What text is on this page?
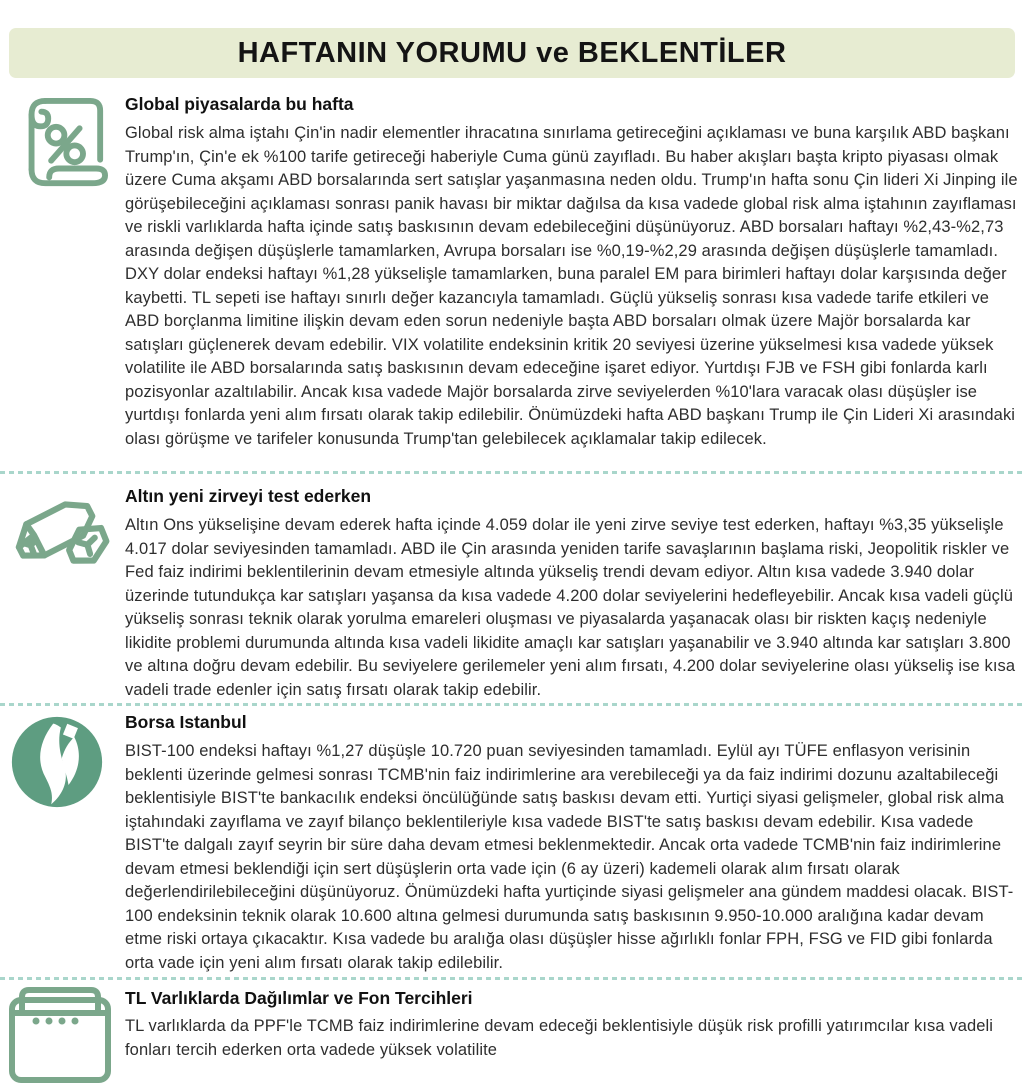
HAFTANIN YORUMU ve BEKLENTİLER
Global piyasalarda bu hafta
Global risk alma iştahı Çin'in nadir elementler ihracatına sınırlama getireceğini açıklaması ve buna karşılık ABD başkanı Trump'ın, Çin'e ek %100 tarife getireceği haberiyle Cuma günü zayıfladı. Bu haber akışları başta kripto piyasası olmak üzere Cuma akşamı ABD borsalarında sert satışlar yaşanmasına neden oldu. Trump'ın hafta sonu Çin lideri Xi Jinping ile görüşebileceğini açıklaması sonrası panik havası bir miktar dağılsa da kısa vadede global risk alma iştahının zayıflaması ve riskli varlıklarda hafta içinde satış baskısının devam edebileceğini düşünüyoruz. ABD borsaları haftayı %2,43-%2,73 arasında değişen düşüşlerle tamamlarken, Avrupa borsaları ise %0,19-%2,29 arasında değişen düşüşlerle tamamladı. DXY dolar endeksi haftayı %1,28 yükselişle tamamlarken, buna paralel EM para birimleri haftayı dolar karşısında değer kaybetti. TL sepeti ise haftayı sınırlı değer kazancıyla tamamladı. Güçlü yükseliş sonrası kısa vadede tarife etkileri ve ABD borçlanma limitine ilişkin devam eden sorun nedeniyle başta ABD borsaları olmak üzere Majör borsalarda kar satışları güçlenerek devam edebilir. VIX volatilite endeksinin kritik 20 seviyesi üzerine yükselmesi kısa vadede yüksek volatilite ile ABD borsalarında satış baskısının devam edeceğine işaret ediyor. Yurtdışı FJB ve FSH gibi fonlarda karlı pozisyonlar azaltılabilir. Ancak kısa vadede Majör borsalarda zirve seviyelerden %10'lara varacak olası düşüşler ise yurtdışı fonlarda yeni alım fırsatı olarak takip edilebilir. Önümüzdeki hafta ABD başkanı Trump ile Çin Lideri Xi arasındaki olası görüşme ve tarifeler konusunda Trump'tan gelebilecek açıklamalar takip edilecek.
Altın yeni zirveyi test ederken
Altın Ons yükselişine devam ederek hafta içinde 4.059 dolar ile yeni zirve seviye test ederken, haftayı %3,35 yükselişle 4.017 dolar seviyesinden tamamladı. ABD ile Çin arasında yeniden tarife savaşlarının başlama riski, Jeopolitik riskler ve Fed faiz indirimi beklentilerinin devam etmesiyle altında yükseliş trendi devam ediyor. Altın kısa vadede 3.940 dolar üzerinde tutundukça kar satışları yaşansa da kısa vadede 4.200 dolar seviyelerini hedefleyebilir. Ancak kısa vadeli güçlü yükseliş sonrası teknik olarak yorulma emareleri oluşması ve piyasalarda yaşanacak olası bir riskten kaçış nedeniyle likidite problemi durumunda altında kısa vadeli likidite amaçlı kar satışları yaşanabilir ve 3.940 altında kar satışları 3.800 ve altına doğru devam edebilir. Bu seviyelere gerilemeler yeni alım fırsatı, 4.200 dolar seviyelerine olası yükseliş ise kısa vadeli trade edenler için satış fırsatı olarak takip edebilir.
Borsa Istanbul
BIST-100 endeksi haftayı %1,27 düşüşle 10.720 puan seviyesinden tamamladı. Eylül ayı TÜFE enflasyon verisinin beklenti üzerinde gelmesi sonrası TCMB'nin faiz indirimlerine ara verebileceği ya da faiz indirimi dozunu azaltabileceği beklentisiyle BIST'te bankacılık endeksi öncülüğünde satış baskısı devam etti. Yurtiçi siyasi gelişmeler, global risk alma iştahındaki zayıflama ve zayıf bilanço beklentileriyle kısa vadede BIST'te satış baskısı devam edebilir. Kısa vadede BIST'te dalgalı zayıf seyrin bir süre daha devam etmesi beklenmektedir. Ancak orta vadede TCMB'nin faiz indirimlerine devam etmesi beklendiği için sert düşüşlerin orta vade için (6 ay üzeri) kademeli olarak alım fırsatı olarak değerlendirilebileceğini düşünüyoruz. Önümüzdeki hafta yurtiçinde siyasi gelişmeler ana gündem maddesi olacak. BIST-100 endeksinin teknik olarak 10.600 altına gelmesi durumunda satış baskısının 9.950-10.000 aralığına kadar devam etme riski ortaya çıkacaktır. Kısa vadede bu aralığa olası düşüşler hisse ağırlıklı fonlar FPH, FSG ve FID gibi fonlarda orta vade için yeni alım fırsatı olarak takip edilebilir.
TL Varlıklarda Dağılımlar ve Fon Tercihleri
TL varlıklarda da PPF'le TCMB faiz indirimlerine devam edeceği beklentisiyle düşük risk profilli yatırımcılar kısa vadeli fonları tercih ederken orta vadede yüksek volatilite
